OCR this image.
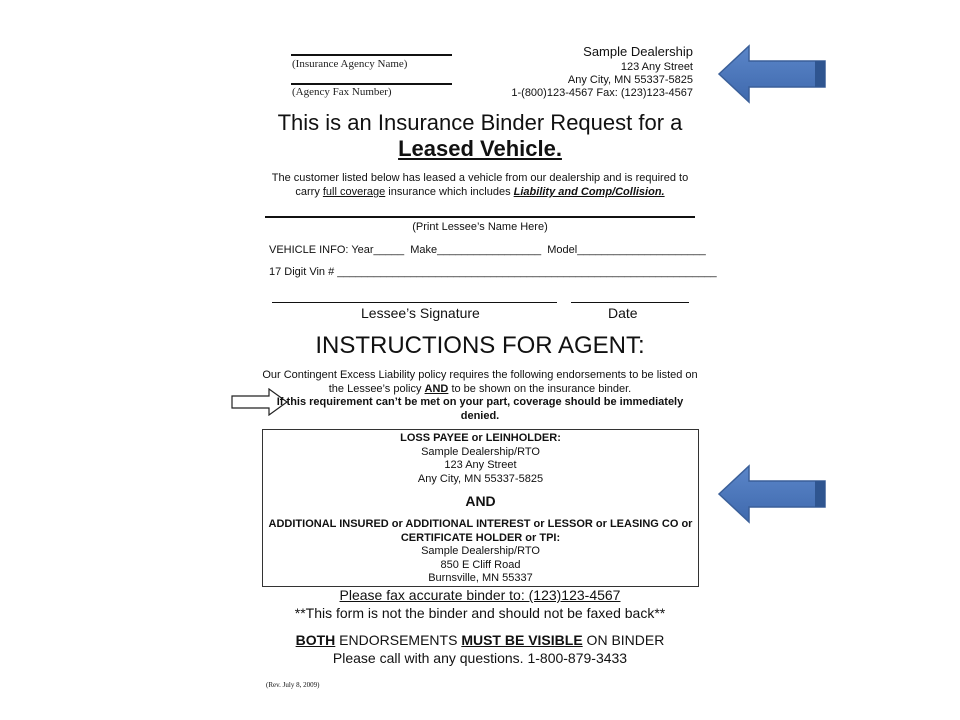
(Insurance Agency Name)
(Agency Fax Number)
Sample Dealership
123 Any Street
Any City, MN 55337-5825
1-(800)123-4567 Fax: (123)123-4567
This is an Insurance Binder Request for a
Leased Vehicle.
The customer listed below has leased a vehicle from our dealership and is required to carry full coverage insurance which includes Liability and Comp/Collision.
(Print Lessee’s Name Here)
VEHICLE INFO: Year_____  Make_________________  Model_____________________
17 Digit Vin # ______________________________________________________________
Lessee’s Signature	Date
INSTRUCTIONS FOR AGENT:
Our Contingent Excess Liability policy requires the following endorsements to be listed on the Lessee’s policy AND to be shown on the insurance binder.
If this requirement can’t be met on your part, coverage should be immediately denied.
LOSS PAYEE or LEINHOLDER:
Sample Dealership/RTO
123 Any Street
Any City, MN 55337-5825
AND
ADDITIONAL INSURED or ADDITIONAL INTEREST or LESSOR or LEASING CO or CERTIFICATE HOLDER or TPI:
Sample Dealership/RTO
850 E Cliff Road
Burnsville, MN 55337
Please fax accurate binder to: (123)123-4567
**This form is not the binder and should not be faxed back**
BOTH ENDORSEMENTS MUST BE VISIBLE ON BINDER
Please call with any questions. 1-800-879-3433
(Rev. July 8, 2009)
